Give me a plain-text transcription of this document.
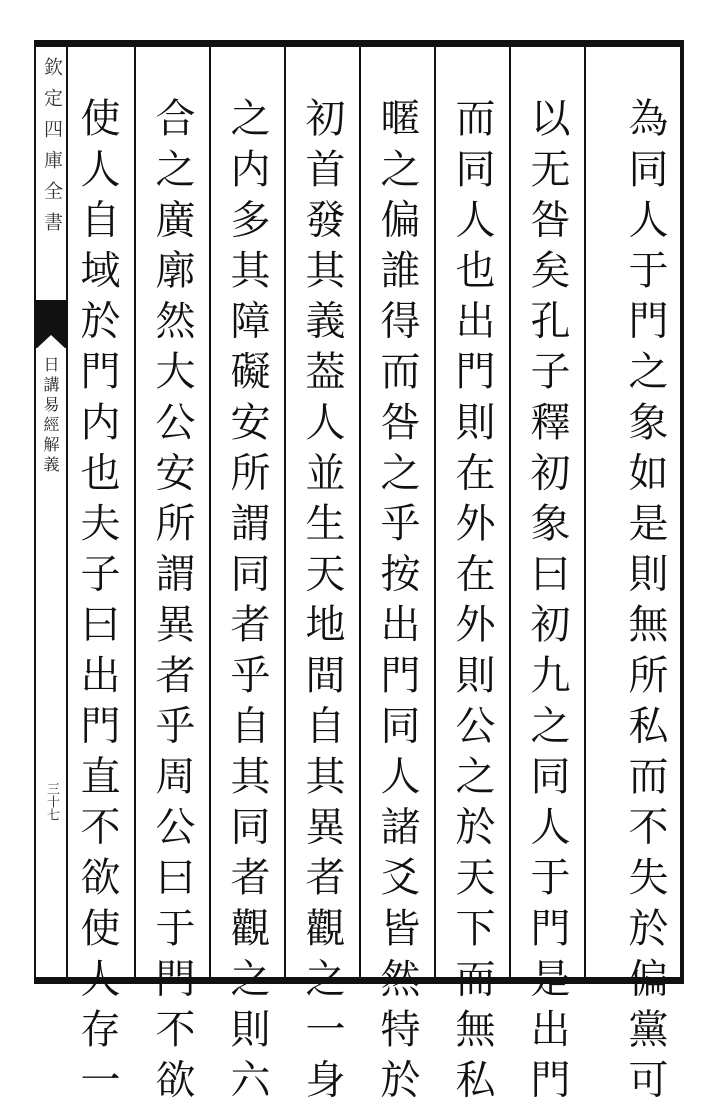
欽定四庫全書
日講易經解義
三十七	為同人于門之象如是則無所私而不失於偏黨可
以无咎矣孔子釋初象曰初九之同人于門是出門
而同人也出門則在外在外則公之於天下而無私
暱之偏誰得而咎之乎按出門同人諸爻皆然特於
初首發其義葢人並生天地間自其異者觀之一身
之内多其障礙安所謂同者乎自其同者觀之則六
合之廣廓然大公安所謂異者乎周公曰于門不欲
使人自域於門内也夫子曰出門直不欲使人存一
